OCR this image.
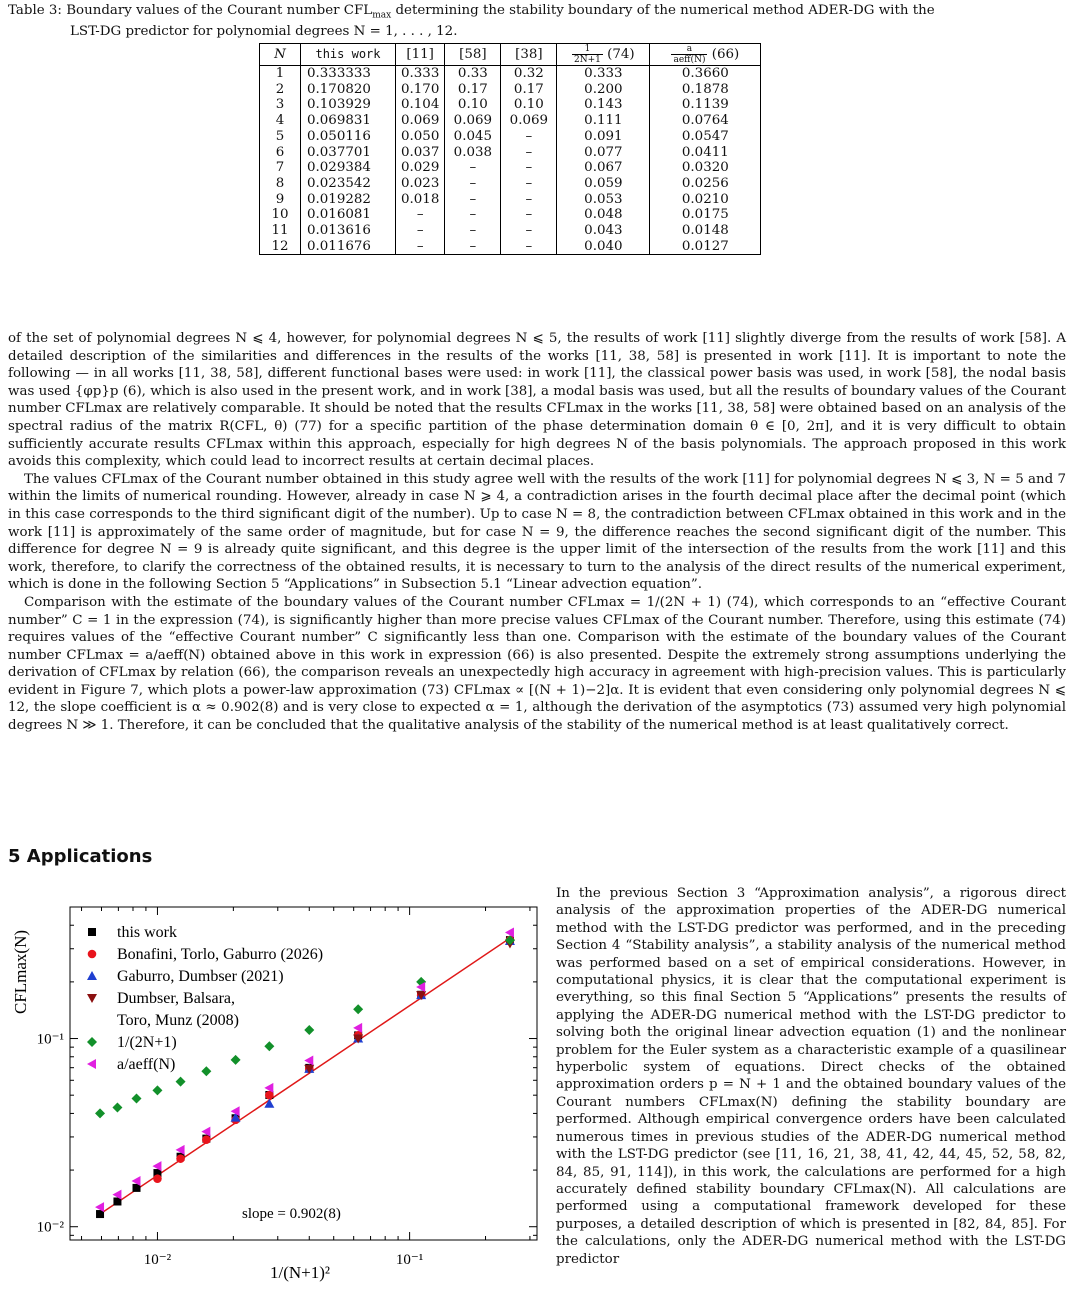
Table 3: Boundary values of the Courant number $CFL_{max}$ determining the stability boundary of the numerical method ADER-DG with the
LST-DG predictor for polynomial degrees N = 1, . . . , 12.
N	this work	[11]	[58]	[38]	$\frac{1}{2N+1} (74)$	$\frac{a}{\text{aeff(N)}} (66)$
1	0.333333	0.333	0.33	0.32	0.333	0.3660
2	0.170820	0.170	0.17	0.17	0.200	0.1878
3	0.103929	0.104	0.10	0.10	0.143	0.1139
4	0.069831	0.069	0.069	0.069	0.111	0.0764
5	0.050116	0.050	0.045	–	0.091	0.0547
6	0.037701	0.037	0.038	–	0.077	0.0411
7	0.029384	0.029	–	–	0.067	0.0320
8	0.023542	0.023	–	–	0.059	0.0256
9	0.019282	0.018	–	–	0.053	0.0210
10	0.016081	–	–	–	0.048	0.0175
11	0.013616	–	–	–	0.043	0.0148
12	0.011676	–	–	–	0.040	0.0127

of the set of polynomial degrees N ⩽ 4, however, for polynomial degrees N ⩽ 5, the results of work [11] slightly diverge from the results of work [58]. A detailed description of the similarities and differences in the results of the works [11, 38, 58] is presented in work [11]. It is important to note the following — in all works [11, 38, 58], different functional bases were used: in work [11], the classical power basis was used, in work [58], the nodal basis was used {φp}p (6), which is also used in the present work, and in work [38], a modal basis was used, but all the results of boundary values of the Courant number CFLmax are relatively comparable. It should be noted that the results CFLmax in the works [11, 38, 58] were obtained based on an analysis of the spectral radius of the matrix R(CFL, θ) (77) for a specific partition of the phase determination domain θ ∈ [0, 2π], and it is very difficult to obtain sufficiently accurate results CFLmax within this approach, especially for high degrees N of the basis polynomials. The approach proposed in this work avoids this complexity, which could lead to incorrect results at certain decimal places.

The values CFLmax of the Courant number obtained in this study agree well with the results of the work [11] for polynomial degrees N ⩽ 3, N = 5 and 7 within the limits of numerical rounding. However, already in case N ⩾ 4, a contradiction arises in the fourth decimal place after the decimal point (which in this case corresponds to the third significant digit of the number). Up to case N = 8, the contradiction between CFLmax obtained in this work and in the work [11] is approximately of the same order of magnitude, but for case N = 9, the difference reaches the second significant digit of the number. This difference for degree N = 9 is already quite significant, and this degree is the upper limit of the intersection of the results from the work [11] and this work, therefore, to clarify the correctness of the obtained results, it is necessary to turn to the analysis of the direct results of the numerical experiment, which is done in the following Section 5 “Applications” in Subsection 5.1 “Linear advection equation”.

Comparison with the estimate of the boundary values of the Courant number CFLmax = 1/(2N + 1) (74), which corresponds to an “effective Courant number” C = 1 in the expression (74), is significantly higher than more precise values CFLmax of the Courant number. Therefore, using this estimate (74) requires values of the “effective Courant number” C significantly less than one. Comparison with the estimate of the boundary values of the Courant number CFLmax = a/aeff(N) obtained above in this work in expression (66) is also presented. Despite the extremely strong assumptions underlying the derivation of CFLmax by relation (66), the comparison reveals an unexpectedly high accuracy in agreement with high-precision values. This is particularly evident in Figure 7, which plots a power-law approximation (73) CFLmax ∝ [(N + 1)−2]α. It is evident that even considering only polynomial degrees N ⩽ 12, the slope coefficient is α ≈ 0.902(8) and is very close to expected α = 1, although the derivation of the asymptotics (73) assumed very high polynomial degrees N ≫ 1. Therefore, it can be concluded that the qualitative analysis of the stability of the numerical method is at least qualitatively correct.

5 Applications
10⁻²	10⁻¹
10⁻²
10⁻¹
1/(N+1)²
CFLmax(N)
slope = 0.902(8)
this work
Bonafini, Torlo, Gaburro (2026)
Gaburro, Dumbser (2021)
Dumbser, Balsara,
Toro, Munz (2008)
1/(2N+1)
a/aeff(N)

In the previous Section 3 “Approximation analysis”, a rigorous direct analysis of the approximation properties of the ADER-DG numerical method with the LST-DG predictor was performed, and in the preceding Section 4 “Stability analysis”, a stability analysis of the numerical method was performed based on a set of empirical considerations. However, in computational physics, it is clear that the computational experiment is everything, so this final Section 5 “Applications” presents the results of applying the ADER-DG numerical method with the LST-DG predictor to solving both the original linear advection equation (1) and the nonlinear problem for the Euler system as a characteristic example of a quasilinear hyperbolic system of equations. Direct checks of the obtained approximation orders p = N + 1 and the obtained boundary values of the Courant numbers CFLmax(N) defining the stability boundary are performed. Although empirical convergence orders have been calculated numerous times in previous studies of the ADER-DG numerical method with the LST-DG predictor (see [11, 16, 21, 38, 41, 42, 44, 45, 52, 58, 82, 84, 85, 91, 114]), in this work, the calculations are performed for a high accurately defined stability boundary CFLmax(N). All calculations are performed using a computational framework developed for these purposes, a detailed description of which is presented in [82, 84, 85]. For the calculations, only the ADER-DG numerical method with the LST-DG predictor
